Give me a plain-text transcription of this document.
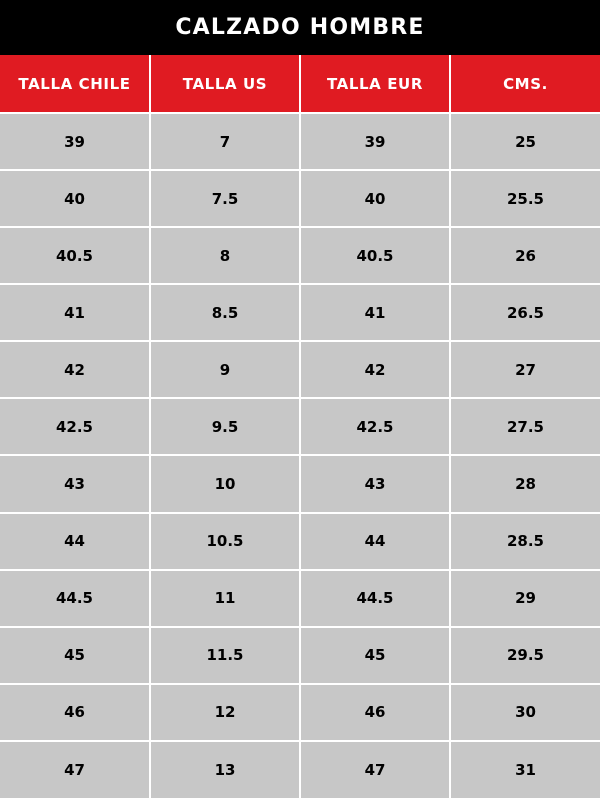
CALZADO HOMBRE
TALLA CHILE	TALLA US	TALLA EUR	CMS.
39	7	39	25
40	7.5	40	25.5
40.5	8	40.5	26
41	8.5	41	26.5
42	9	42	27
42.5	9.5	42.5	27.5
43	10	43	28
44	10.5	44	28.5
44.5	11	44.5	29
45	11.5	45	29.5
46	12	46	30
47	13	47	31
